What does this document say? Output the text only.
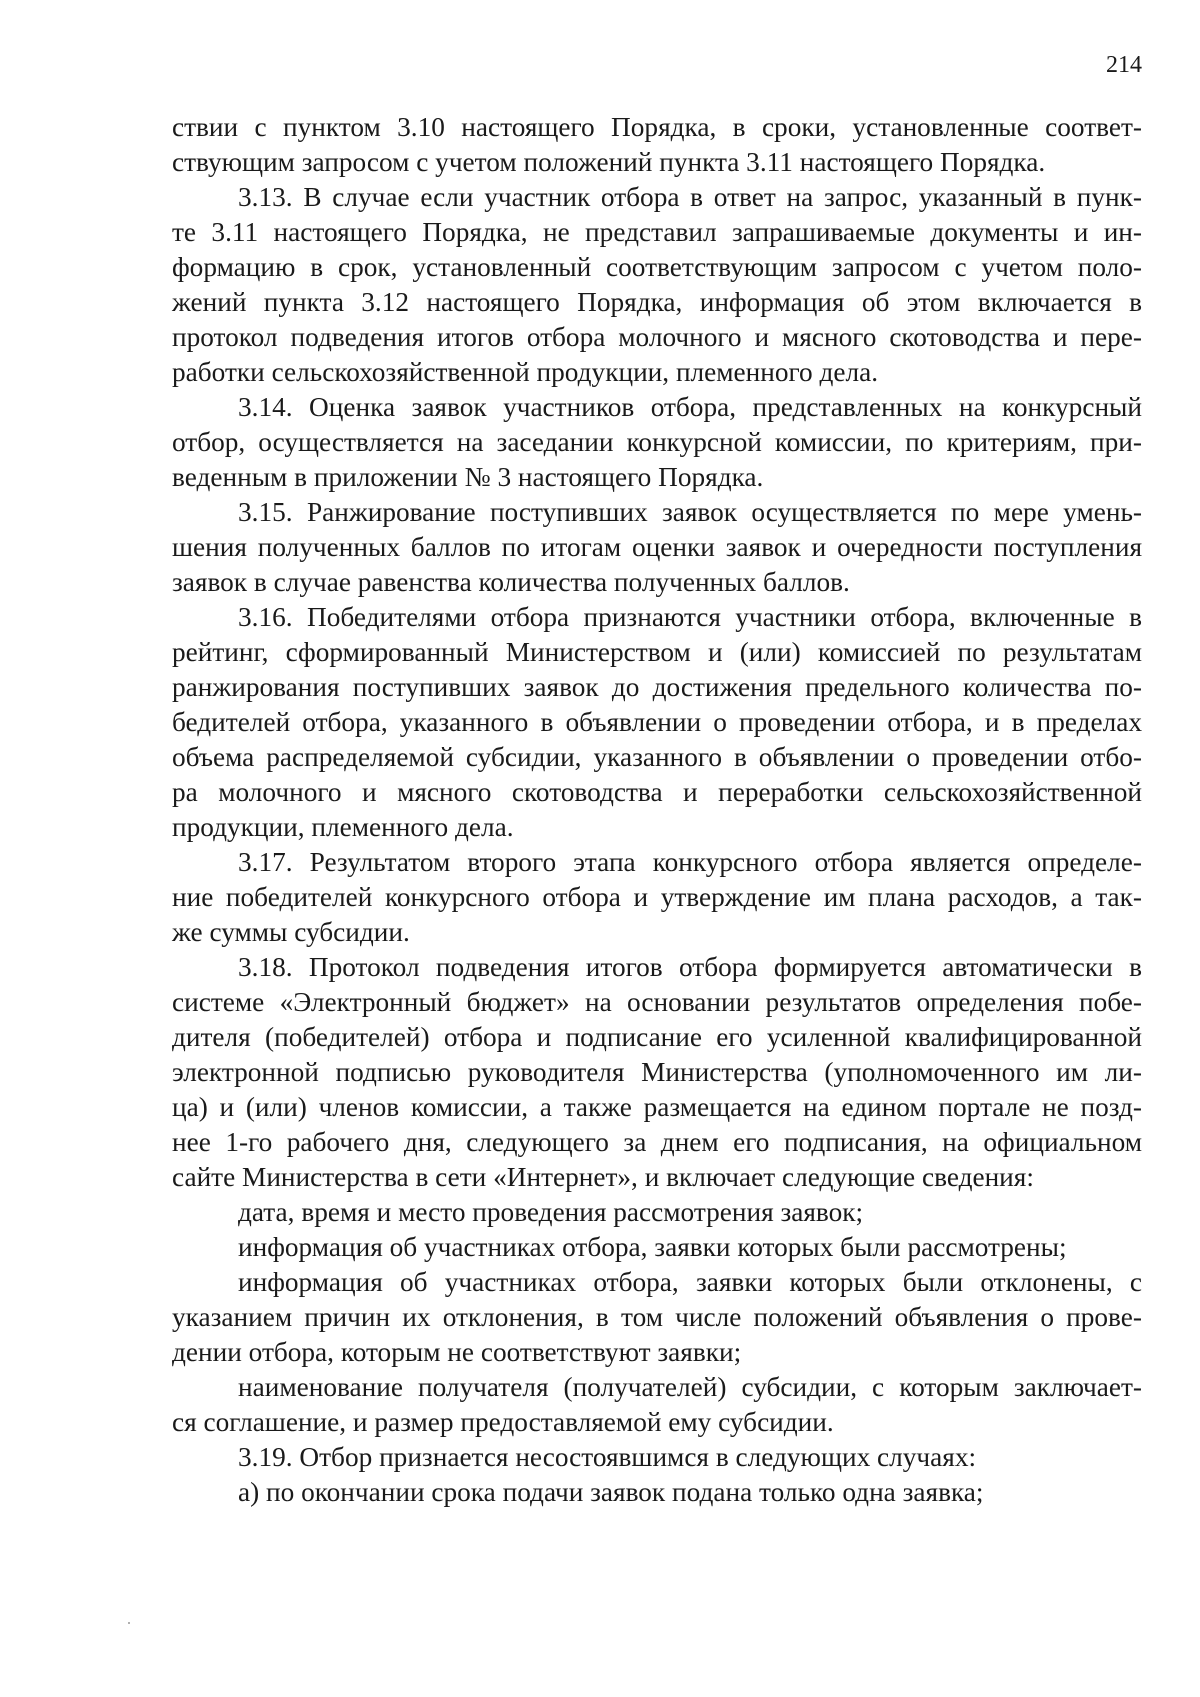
214
ствии с пунктом 3.10 настоящего Порядка, в сроки, установленные соответ-
ствующим запросом с учетом положений пункта 3.11 настоящего Порядка.
3.13. В случае если участник отбора в ответ на запрос, указанный в пунк-
те 3.11 настоящего Порядка, не представил запрашиваемые документы и ин-
формацию в срок, установленный соответствующим запросом с учетом поло-
жений пункта 3.12 настоящего Порядка, информация об этом включается в
протокол подведения итогов отбора молочного и мясного скотоводства и пере-
работки сельскохозяйственной продукции, племенного дела.
3.14. Оценка заявок участников отбора, представленных на конкурсный
отбор, осуществляется на заседании конкурсной комиссии, по критериям, при-
веденным в приложении № 3 настоящего Порядка.
3.15. Ранжирование поступивших заявок осуществляется по мере умень-
шения полученных баллов по итогам оценки заявок и очередности поступления
заявок в случае равенства количества полученных баллов.
3.16. Победителями отбора признаются участники отбора, включенные в
рейтинг, сформированный Министерством и (или) комиссией по результатам
ранжирования поступивших заявок до достижения предельного количества по-
бедителей отбора, указанного в объявлении о проведении отбора, и в пределах
объема распределяемой субсидии, указанного в объявлении о проведении отбо-
ра молочного и мясного скотоводства и переработки сельскохозяйственной
продукции, племенного дела.
3.17. Результатом второго этапа конкурсного отбора является определе-
ние победителей конкурсного отбора и утверждение им плана расходов, а так-
же суммы субсидии.
3.18. Протокол подведения итогов отбора формируется автоматически в
системе «Электронный бюджет» на основании результатов определения побе-
дителя (победителей) отбора и подписание его усиленной квалифицированной
электронной подписью руководителя Министерства (уполномоченного им ли-
ца) и (или) членов комиссии, а также размещается на едином портале не позд-
нее 1-го рабочего дня, следующего за днем его подписания, на официальном
сайте Министерства в сети «Интернет», и включает следующие сведения:
дата, время и место проведения рассмотрения заявок;
информация об участниках отбора, заявки которых были рассмотрены;
информация об участниках отбора, заявки которых были отклонены, с
указанием причин их отклонения, в том числе положений объявления о прове-
дении отбора, которым не соответствуют заявки;
наименование получателя (получателей) субсидии, с которым заключает-
ся соглашение, и размер предоставляемой ему субсидии.
3.19. Отбор признается несостоявшимся в следующих случаях:
а) по окончании срока подачи заявок подана только одна заявка;
